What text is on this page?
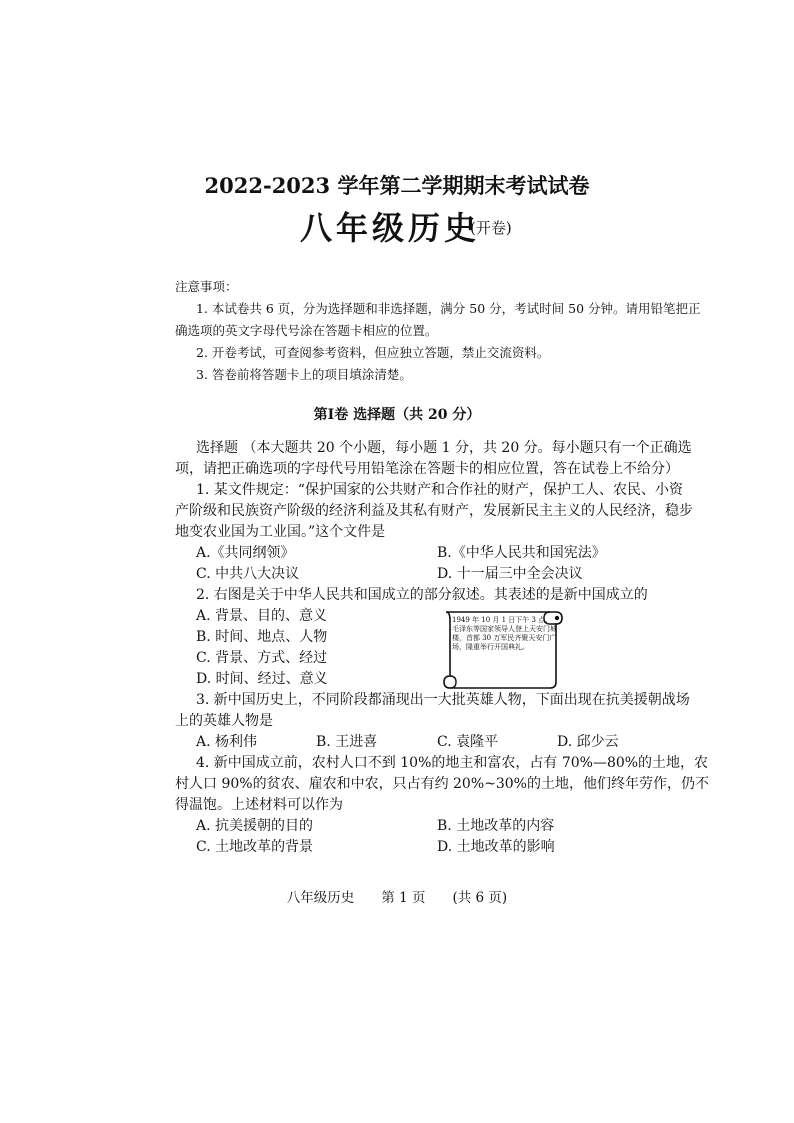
2022-2023 学年第二学期期末考试试卷
八年级历史
(开卷)
注意事项：
1. 本试卷共 6 页，分为选择题和非选择题，满分 50 分，考试时间 50 分钟。请用铅笔把正
确选项的英文字母代号涂在答题卡相应的位置。
2. 开卷考试，可查阅参考资料，但应独立答题，禁止交流资料。
3. 答卷前将答题卡上的项目填涂清楚。
第Ⅰ卷 选择题（共 20 分）
选择题 （本大题共 20 个小题，每小题 1 分，共 20 分。每小题只有一个正确选
项，请把正确选项的字母代号用铅笔涂在答题卡的相应位置，答在试卷上不给分）
1. 某文件规定：“保护国家的公共财产和合作社的财产，保护工人、农民、小资
产阶级和民族资产阶级的经济利益及其私有财产，发展新民主主义的人民经济，稳步
地变农业国为工业国。”这个文件是
A.《共同纲领》	B.《中华人民共和国宪法》
C. 中共八大决议	D. 十一届三中全会决议
2. 右图是关于中华人民共和国成立的部分叙述。其表述的是新中国成立的
A. 背景、目的、意义
B. 时间、地点、人物
C. 背景、方式、经过
D. 时间、经过、意义
1949 年 10 月 1 日下午 3 点，毛泽东等国家领导人登上天安门城楼，首都 30 万军民齐聚天安门广场，隆重举行开国典礼。
3. 新中国历史上，不同阶段都涌现出一大批英雄人物，下面出现在抗美援朝战场
上的英雄人物是
A. 杨利伟	B. 王进喜	C. 袁隆平	D. 邱少云
4. 新中国成立前，农村人口不到 10%的地主和富农，占有 70%—80%的土地，农
村人口 90%的贫农、雇农和中农，只占有约 20%~30%的土地，他们终年劳作，仍不
得温饱。上述材料可以作为
A. 抗美援朝的目的	B. 土地改革的内容
C. 土地改革的背景	D. 土地改革的影响
八年级历史　　第 1 页　　(共 6 页)
